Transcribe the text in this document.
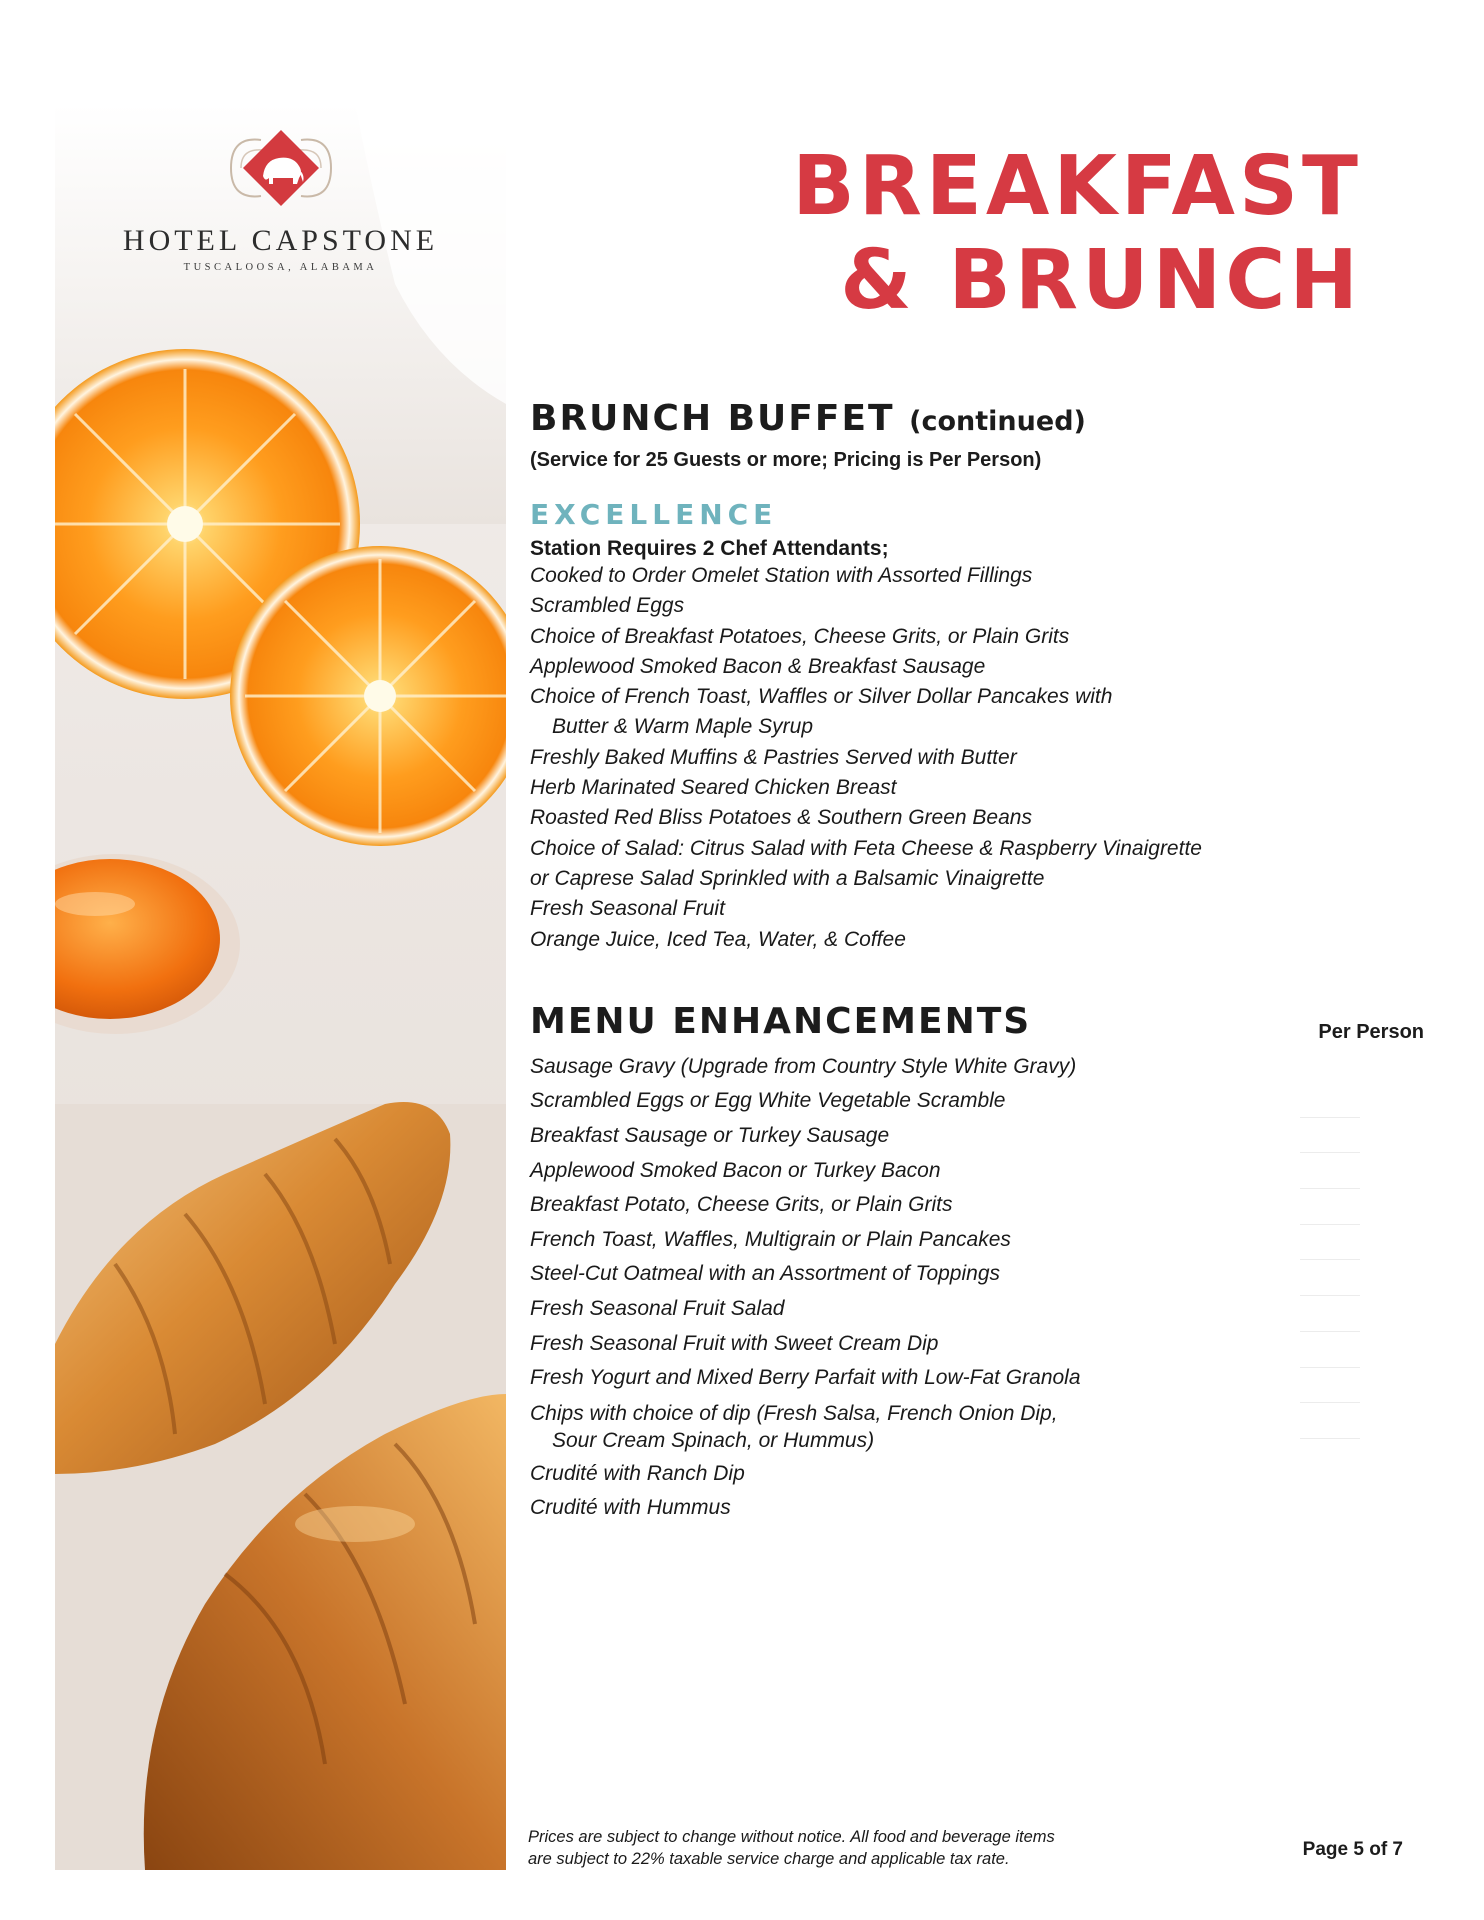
HOTEL CAPSTONE
TUSCALOOSA, ALABAMA
BREAKFAST
& BRUNCH
BRUNCH BUFFET (continued)
(Service for 25 Guests or more; Pricing is Per Person)
EXCELLENCE
Station Requires 2 Chef Attendants;
Cooked to Order Omelet Station with Assorted Fillings
Scrambled Eggs
Choice of Breakfast Potatoes, Cheese Grits, or Plain Grits
Applewood Smoked Bacon & Breakfast Sausage
Choice of French Toast, Waffles or Silver Dollar Pancakes with
Butter & Warm Maple Syrup
Freshly Baked Muffins & Pastries Served with Butter
Herb Marinated Seared Chicken Breast
Roasted Red Bliss Potatoes & Southern Green Beans
Choice of Salad: Citrus Salad with Feta Cheese & Raspberry Vinaigrette
or Caprese Salad Sprinkled with a Balsamic Vinaigrette
Fresh Seasonal Fruit
Orange Juice, Iced Tea, Water, & Coffee
MENU ENHANCEMENTS	Per Person
Sausage Gravy (Upgrade from Country Style White Gravy)
Scrambled Eggs or Egg White Vegetable Scramble
Breakfast Sausage or Turkey Sausage
Applewood Smoked Bacon or Turkey Bacon
Breakfast Potato, Cheese Grits, or Plain Grits
French Toast, Waffles, Multigrain or Plain Pancakes
Steel-Cut Oatmeal with an Assortment of Toppings
Fresh Seasonal Fruit Salad
Fresh Seasonal Fruit with Sweet Cream Dip
Fresh Yogurt and Mixed Berry Parfait with Low-Fat Granola
Chips with choice of dip (Fresh Salsa, French Onion Dip,
Sour Cream Spinach, or Hummus)
Crudité with Ranch Dip
Crudité with Hummus
Prices are subject to change without notice. All food and beverage items
are subject to 22% taxable service charge and applicable tax rate.	Page 5 of 7
